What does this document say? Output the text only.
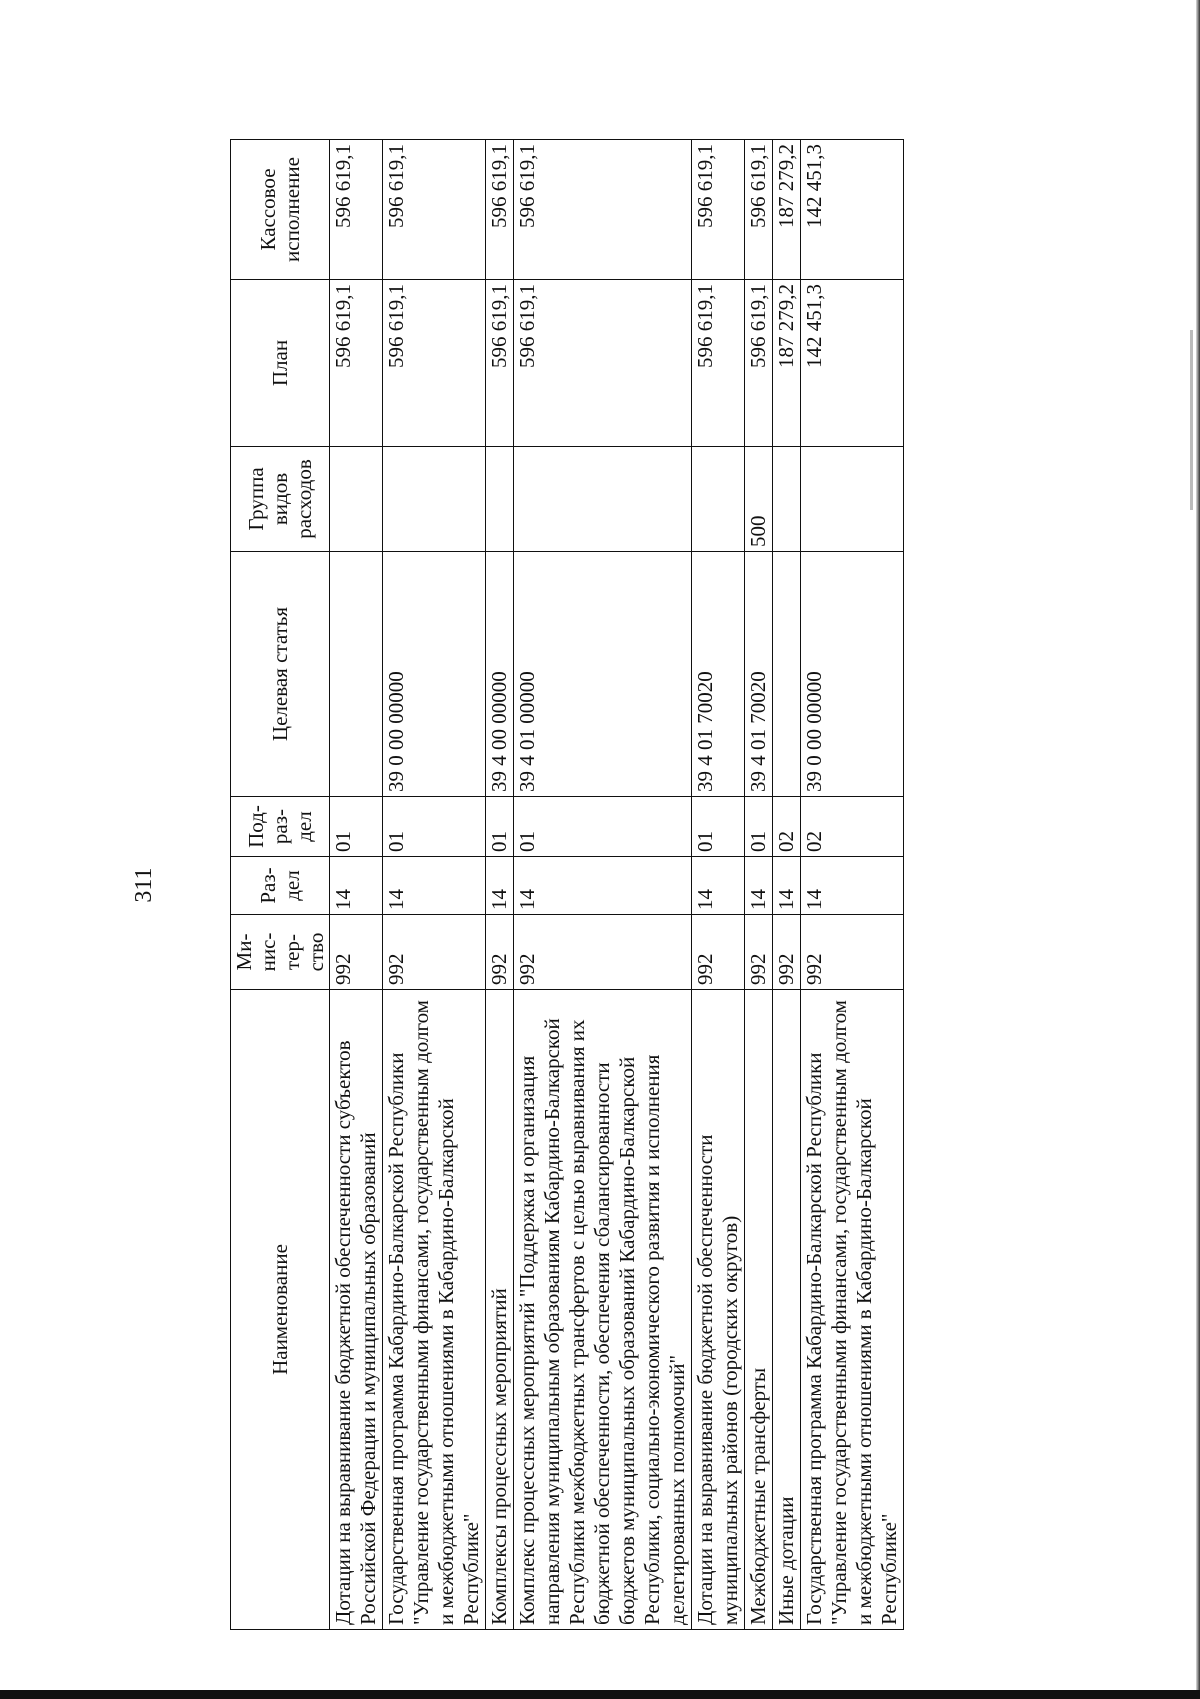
311
Наименование	Ми-нис-тер-ство	Раз-дел	Под-раз-дел	Целевая статья	Группа видов расходов	План	Кассовое исполнение
Дотации на выравнивание бюджетной обеспеченности субъектов Российской Федерации и муниципальных образований	992	14	01			596 619,1	596 619,1
Государственная программа Кабардино-Балкарской Республики "Управление государственными финансами, государственным долгом и межбюджетными отношениями в Кабардино-Балкарской Республике"	992	14	01	39 0 00 00000		596 619,1	596 619,1
Комплексы процессных мероприятий	992	14	01	39 4 00 00000		596 619,1	596 619,1
Комплекс процессных мероприятий "Поддержка и организация направления муниципальным образованиям Кабардино-Балкарской Республики межбюджетных трансфертов с целью выравнивания их бюджетной обеспеченности, обеспечения сбалансированности бюджетов муниципальных образований Кабардино-Балкарской Республики, социально-экономического развития и исполнения делегированных полномочий"	992	14	01	39 4 01 00000		596 619,1	596 619,1
Дотации на выравнивание бюджетной обеспеченности муниципальных районов (городских округов)	992	14	01	39 4 01 70020		596 619,1	596 619,1
Межбюджетные трансферты	992	14	01	39 4 01 70020	500	596 619,1	596 619,1
Иные дотации	992	14	02			187 279,2	187 279,2
Государственная программа Кабардино-Балкарской Республики "Управление государственными финансами, государственным долгом и межбюджетными отношениями в Кабардино-Балкарской Республике"	992	14	02	39 0 00 00000		142 451,3	142 451,3
